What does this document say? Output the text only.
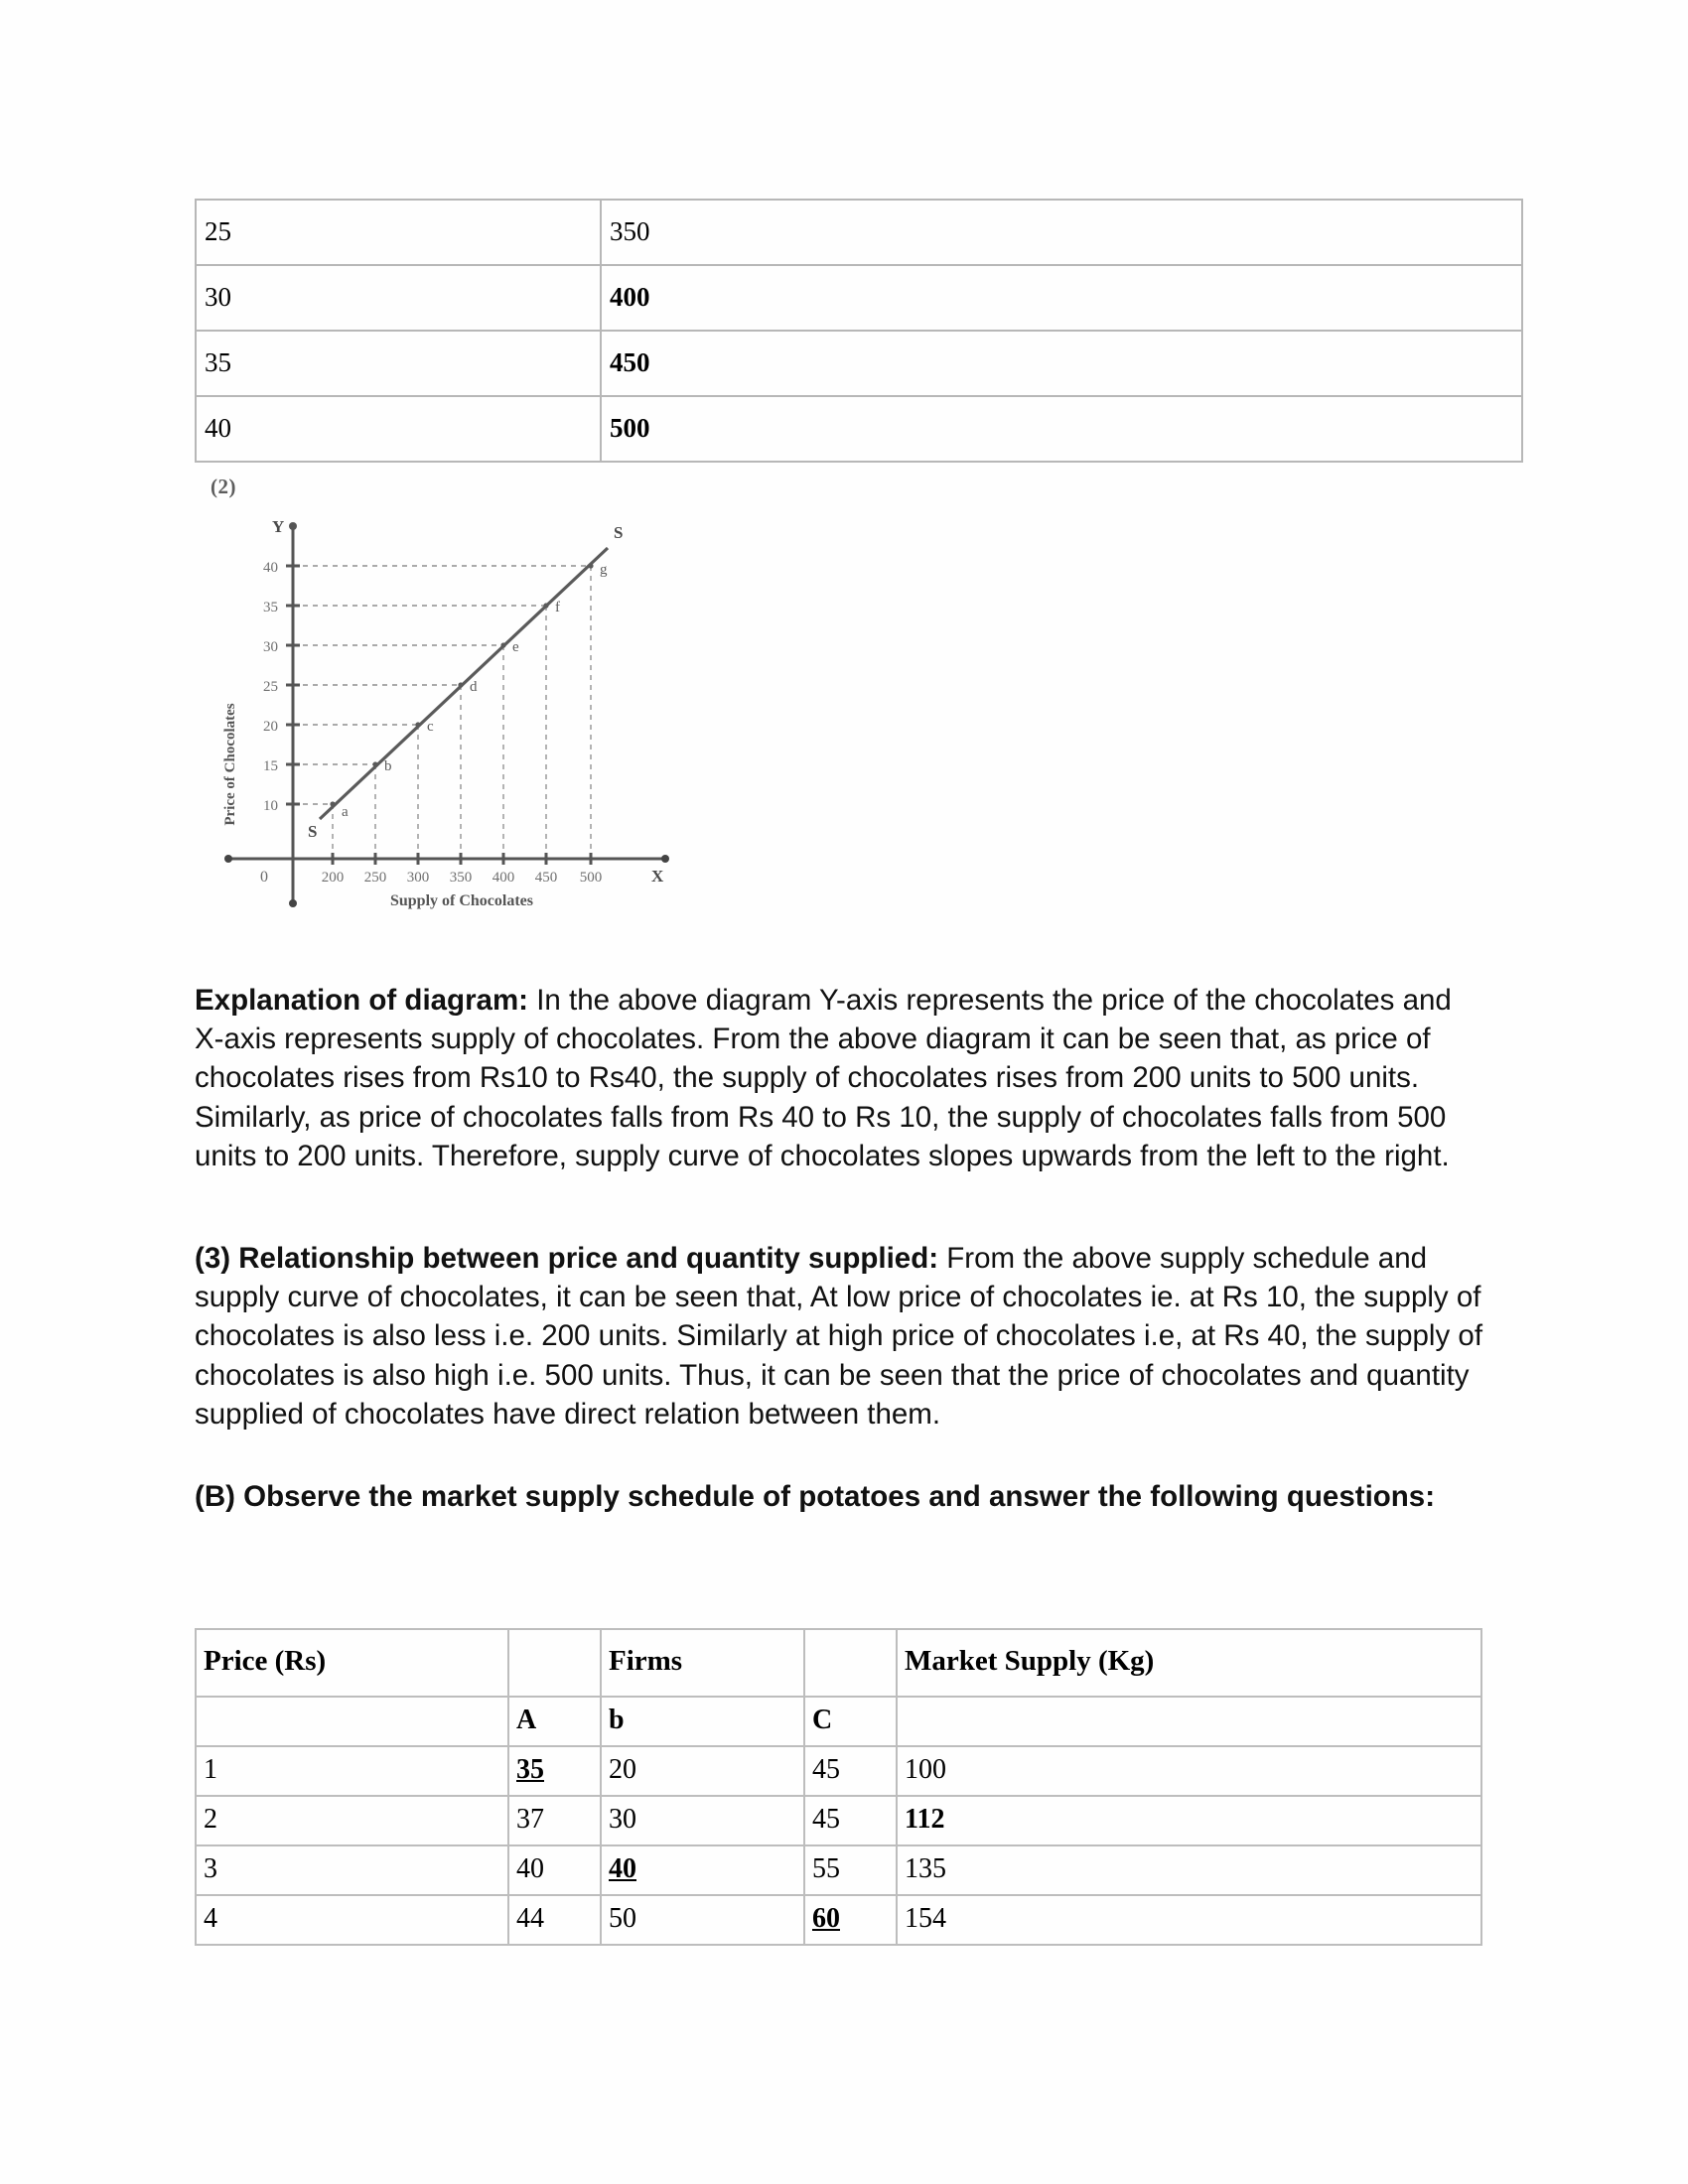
25	350
30	400
35	450
40	500
(2)
Y
X
0
10
15
20
25
30
35
40
200 250 300 350 400 450 500
a
b
c
d
e
f
g
S
S
Price of Chocolates
Supply of Chocolates
Explanation of diagram: In the above diagram Y-axis represents the price of the chocolates and X-axis represents supply of chocolates. From the above diagram it can be seen that, as price of chocolates rises from Rs10 to Rs40, the supply of chocolates rises from 200 units to 500 units. Similarly, as price of chocolates falls from Rs 40 to Rs 10, the supply of chocolates falls from 500 units to 200 units. Therefore, supply curve of chocolates slopes upwards from the left to the right.
(3) Relationship between price and quantity supplied: From the above supply schedule and supply curve of chocolates, it can be seen that, At low price of chocolates ie. at Rs 10, the supply of chocolates is also less i.e. 200 units. Similarly at high price of chocolates i.e, at Rs 40, the supply of chocolates is also high i.e. 500 units. Thus, it can be seen that the price of chocolates and quantity supplied of chocolates have direct relation between them.
(B) Observe the market supply schedule of potatoes and answer the following questions:
Price (Rs)		Firms		Market Supply (Kg)
	A	b	C	
1	35	20	45	100
2	37	30	45	112
3	40	40	55	135
4	44	50	60	154
